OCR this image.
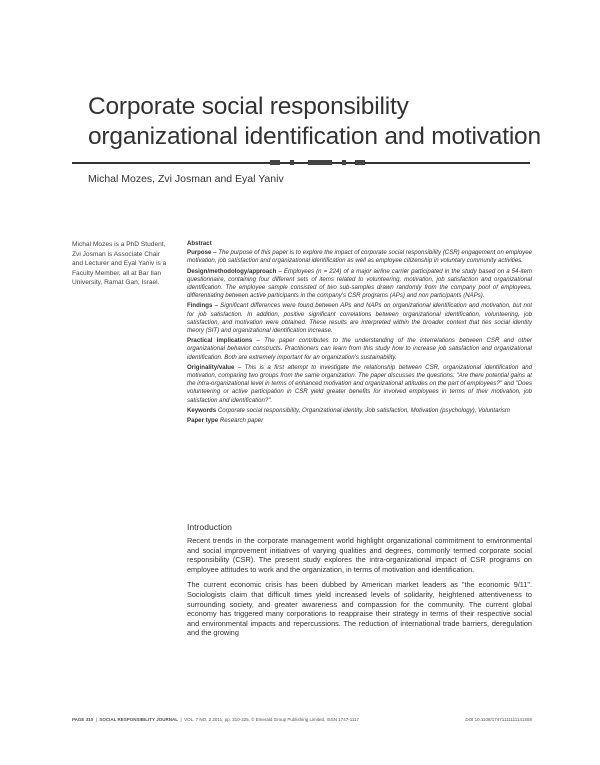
Corporate social responsibility
organizational identification and motivation
Michal Mozes, Zvi Josman and Eyal Yaniv
Michal Mozes is a PhD Student, Zvi Josman is Associate Chair and Lecturer and Eyal Yaniv is a Faculty Member, all at Bar Ilan University, Ramat Gan, Israel.
Abstract

Purpose – The purpose of this paper is to explore the impact of corporate social responsibility (CSR) engagement on employee motivation, job satisfaction and organizational identification as well as employee citizenship in voluntary community activities.

Design/methodology/approach – Employees (n = 224) of a major airline carrier participated in the study based on a 54-item questionnaire, containing four different sets of items related to volunteering, motivation, job satisfaction and organizational identification. The employee sample consisted of two sub-samples drawn randomly from the company pool of employees, differentiating between active participants in the company's CSR programs (APs) and non participants (NAPs).

Findings – Significant differences were found between APs and NAPs on organizational identification and motivation, but not for job satisfaction. In addition, positive significant correlations between organizational identification, volunteering, job satisfaction, and motivation were obtained. These results are interpreted within the broader context that ties social identity theory (SIT) and organizational identification increase.

Practical implications – The paper contributes to the understanding of the interrelations between CSR and other organizational behavior constructs. Practitioners can learn from this study how to increase job satisfaction and organizational identification. Both are extremely important for an organization's sustainability.

Originality/value – This is a first attempt to investigate the relationship between CSR, organizational identification and motivation, comparing two groups from the same organization. The paper discusses the questions: "Are there potential gains at the intra-organizational level in terms of enhanced motivation and organizational attitudes on the part of employees?" and "Does volunteering or active participation in CSR yield greater benefits for involved employees in terms of their motivation, job satisfaction and identification?".

Keywords Corporate social responsibility, Organizational identity, Job satisfaction, Motivation (psychology), Voluntarism

Paper type Research paper

Introduction

Recent trends in the corporate management world highlight organizational commitment to environmental and social improvement initiatives of varying qualities and degrees, commonly termed corporate social responsibility (CSR). The present study explores the intra-organizational impact of CSR programs on employee attitudes to work and the organization, in terms of motivation and identification.

The current economic crisis has been dubbed by American market leaders as "the economic 9/11". Sociologists claim that difficult times yield increased levels of solidarity, heightened attentiveness to surrounding society, and greater awareness and compassion for the community. The current global economy has triggered many corporations to reappraise their strategy in terms of their respective social and environmental impacts and repercussions. The reduction of international trade barriers, deregulation and the growing

PAGE 310  |  SOCIAL RESPONSIBILITY JOURNAL  |  VOL. 7 NO. 2 2011, pp. 310-325, © Emerald Group Publishing Limited, ISSN 1747-1117	DOI 10.1108/17471111111141558
